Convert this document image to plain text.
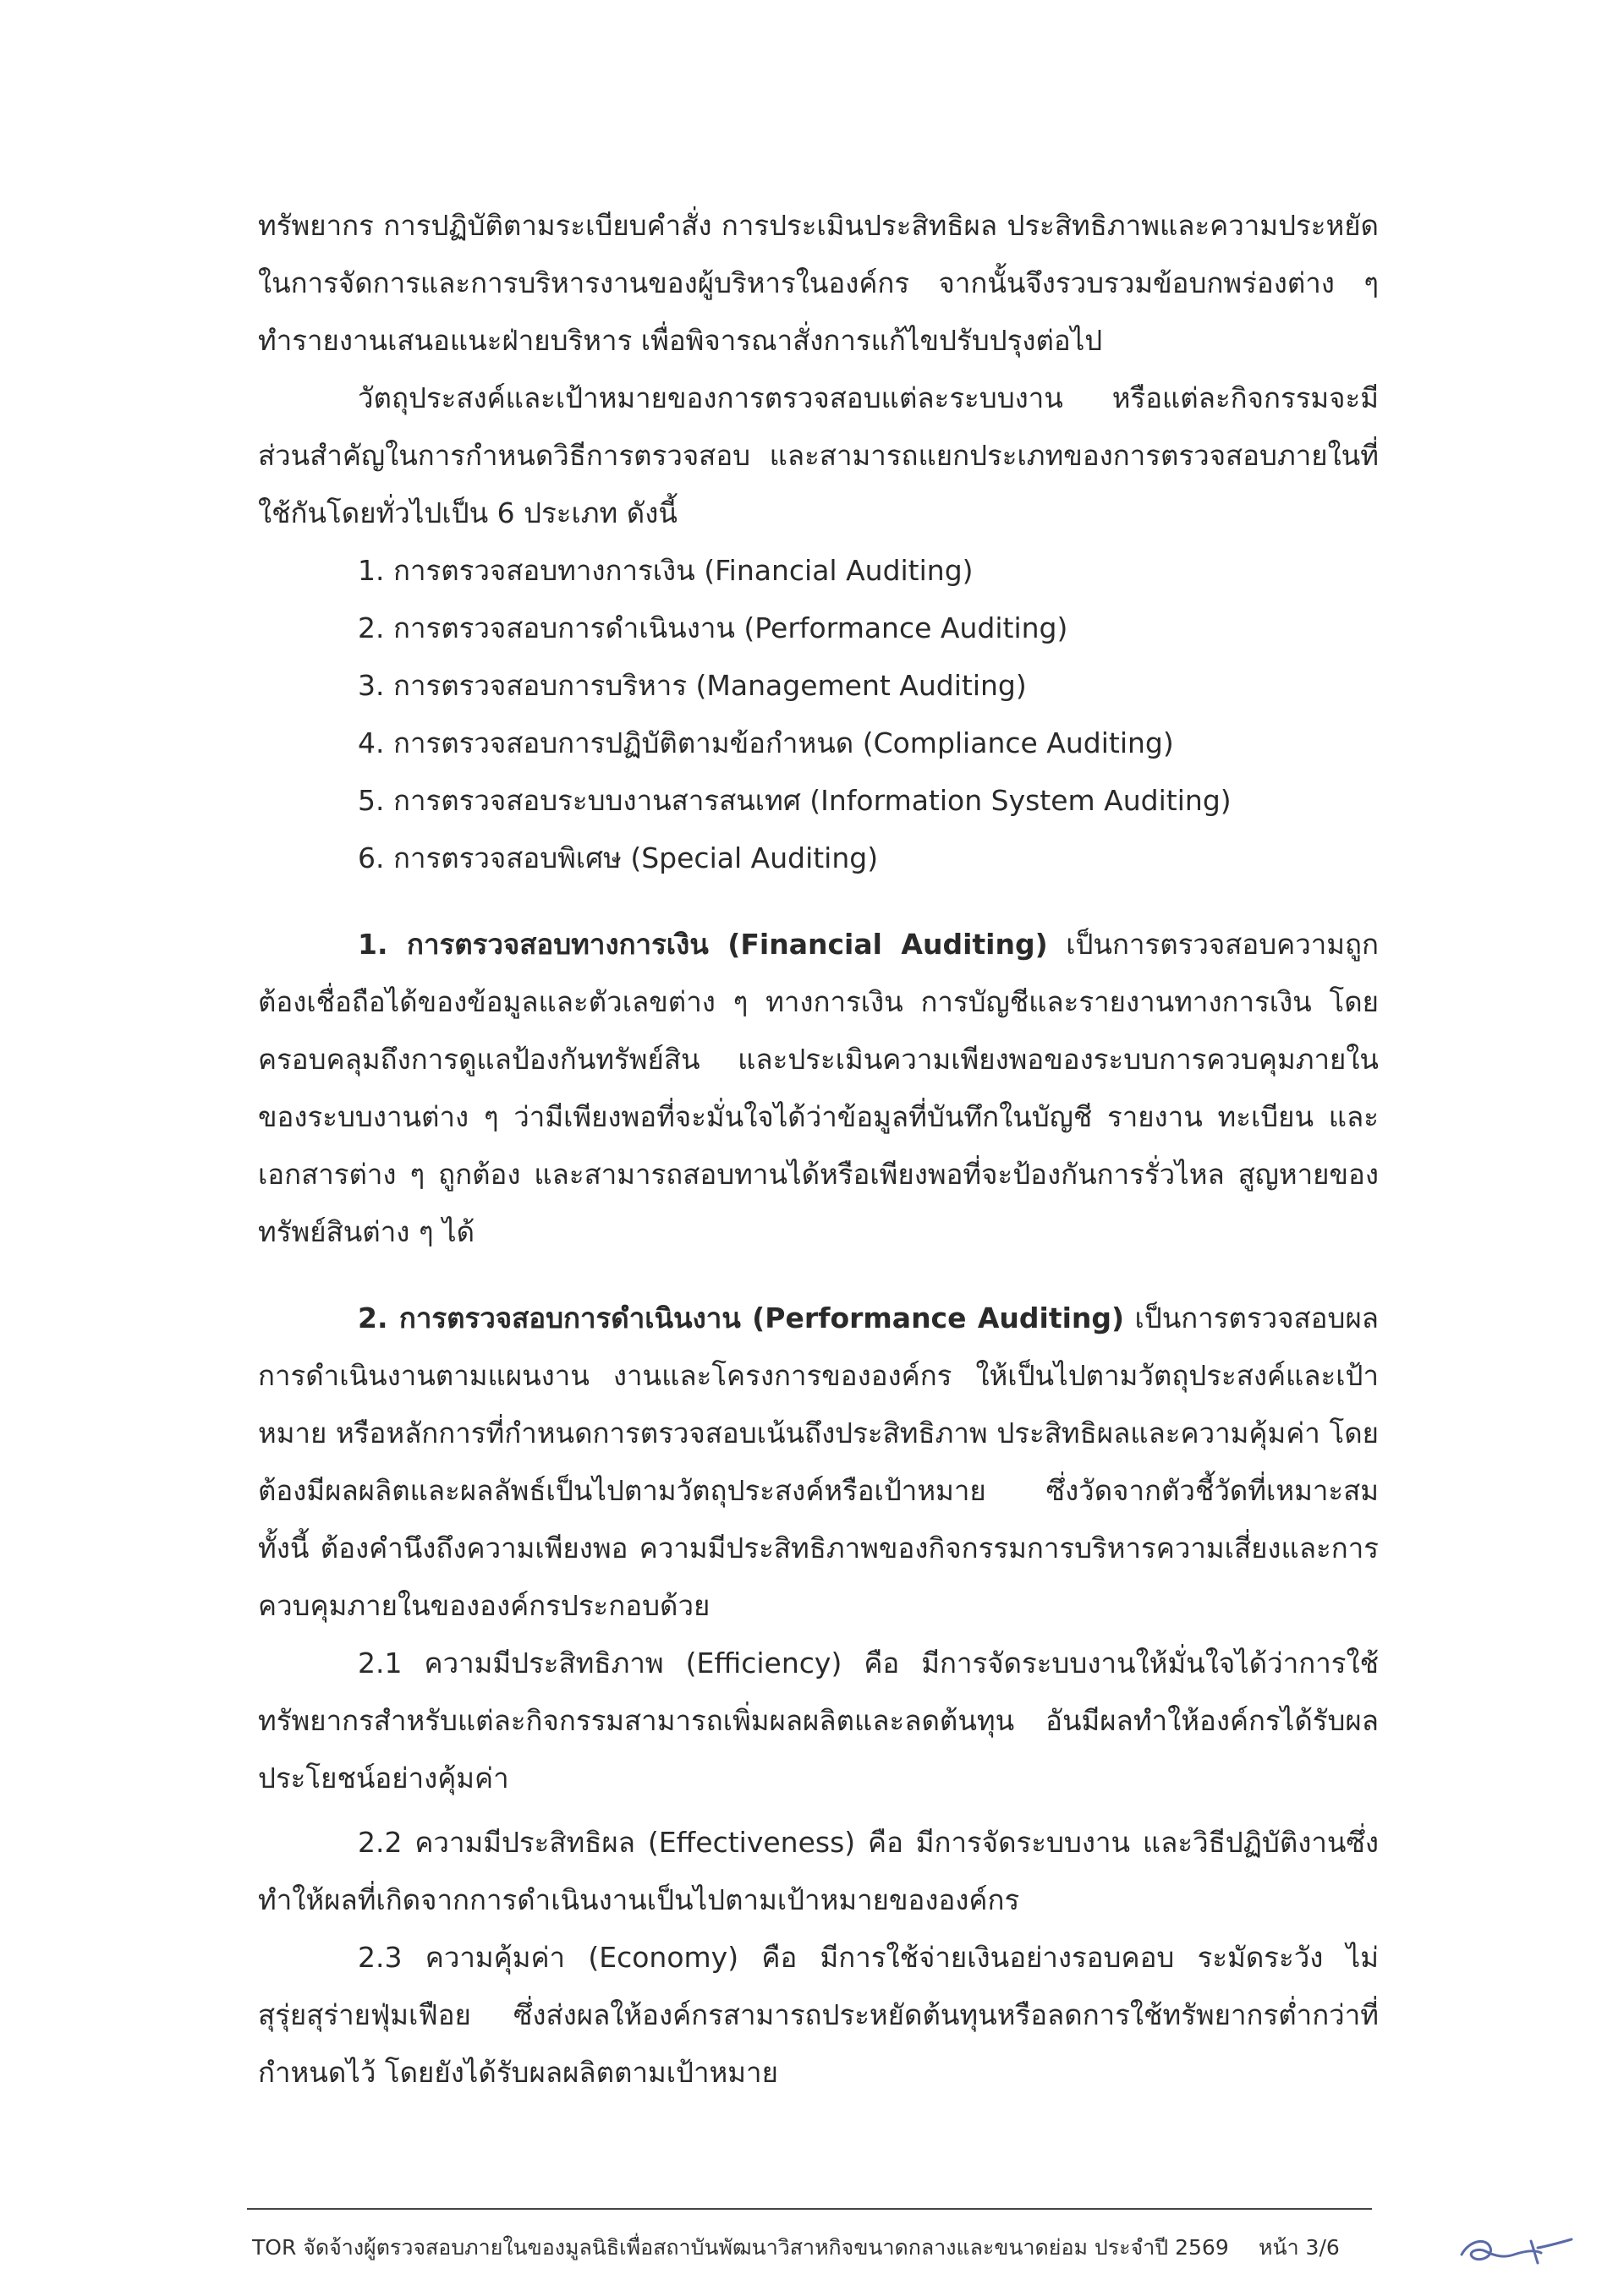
ทรัพยากร การปฏิบัติตามระเบียบคำสั่ง การประเมินประสิทธิผล ประสิทธิภาพและความประหยัดในการจัดการและการบริหารงานของผู้บริหารในองค์กร จากนั้นจึงรวบรวมข้อบกพร่องต่าง ๆ ทำรายงานเสนอแนะฝ่ายบริหาร เพื่อพิจารณาสั่งการแก้ไขปรับปรุงต่อไป

วัตถุประสงค์และเป้าหมายของการตรวจสอบแต่ละระบบงาน หรือแต่ละกิจกรรมจะมีส่วนสำคัญในการกำหนดวิธีการตรวจสอบ และสามารถแยกประเภทของการตรวจสอบภายในที่ใช้กันโดยทั่วไปเป็น 6 ประเภท ดังนี้

1. การตรวจสอบทางการเงิน (Financial Auditing)
2. การตรวจสอบการดำเนินงาน (Performance Auditing)
3. การตรวจสอบการบริหาร (Management Auditing)
4. การตรวจสอบการปฏิบัติตามข้อกำหนด (Compliance Auditing)
5. การตรวจสอบระบบงานสารสนเทศ (Information System Auditing)
6. การตรวจสอบพิเศษ (Special Auditing)

1. การตรวจสอบทางการเงิน (Financial Auditing) เป็นการตรวจสอบความถูกต้องเชื่อถือได้ของข้อมูลและตัวเลขต่าง ๆ ทางการเงิน การบัญชีและรายงานทางการเงิน โดยครอบคลุมถึงการดูแลป้องกันทรัพย์สิน และประเมินความเพียงพอของระบบการควบคุมภายในของระบบงานต่าง ๆ ว่ามีเพียงพอที่จะมั่นใจได้ว่าข้อมูลที่บันทึกในบัญชี รายงาน ทะเบียน และเอกสารต่าง ๆ ถูกต้อง และสามารถสอบทานได้หรือเพียงพอที่จะป้องกันการรั่วไหล สูญหายของทรัพย์สินต่าง ๆ ได้

2. การตรวจสอบการดำเนินงาน (Performance Auditing) เป็นการตรวจสอบผลการดำเนินงานตามแผนงาน งานและโครงการขององค์กร ให้เป็นไปตามวัตถุประสงค์และเป้าหมาย หรือหลักการที่กำหนดการตรวจสอบเน้นถึงประสิทธิภาพ ประสิทธิผลและความคุ้มค่า โดยต้องมีผลผลิตและผลลัพธ์เป็นไปตามวัตถุประสงค์หรือเป้าหมาย ซึ่งวัดจากตัวชี้วัดที่เหมาะสม ทั้งนี้ ต้องคำนึงถึงความเพียงพอ ความมีประสิทธิภาพของกิจกรรมการบริหารความเสี่ยงและการควบคุมภายในขององค์กรประกอบด้วย

2.1 ความมีประสิทธิภาพ (Efficiency) คือ มีการจัดระบบงานให้มั่นใจได้ว่าการใช้ทรัพยากรสำหรับแต่ละกิจกรรมสามารถเพิ่มผลผลิตและลดต้นทุน อันมีผลทำให้องค์กรได้รับผลประโยชน์อย่างคุ้มค่า

2.2 ความมีประสิทธิผล (Effectiveness) คือ มีการจัดระบบงาน และวิธีปฏิบัติงานซึ่งทำให้ผลที่เกิดจากการดำเนินงานเป็นไปตามเป้าหมายขององค์กร

2.3 ความคุ้มค่า (Economy) คือ มีการใช้จ่ายเงินอย่างรอบคอบ ระมัดระวัง ไม่สุรุ่ยสุร่ายฟุ่มเฟือย ซึ่งส่งผลให้องค์กรสามารถประหยัดต้นทุนหรือลดการใช้ทรัพยากรต่ำกว่าที่กำหนดไว้ โดยยังได้รับผลผลิตตามเป้าหมาย

TOR จัดจ้างผู้ตรวจสอบภายในของมูลนิธิเพื่อสถาบันพัฒนาวิสาหกิจขนาดกลางและขนาดย่อม ประจำปี 2569	หน้า 3/6
